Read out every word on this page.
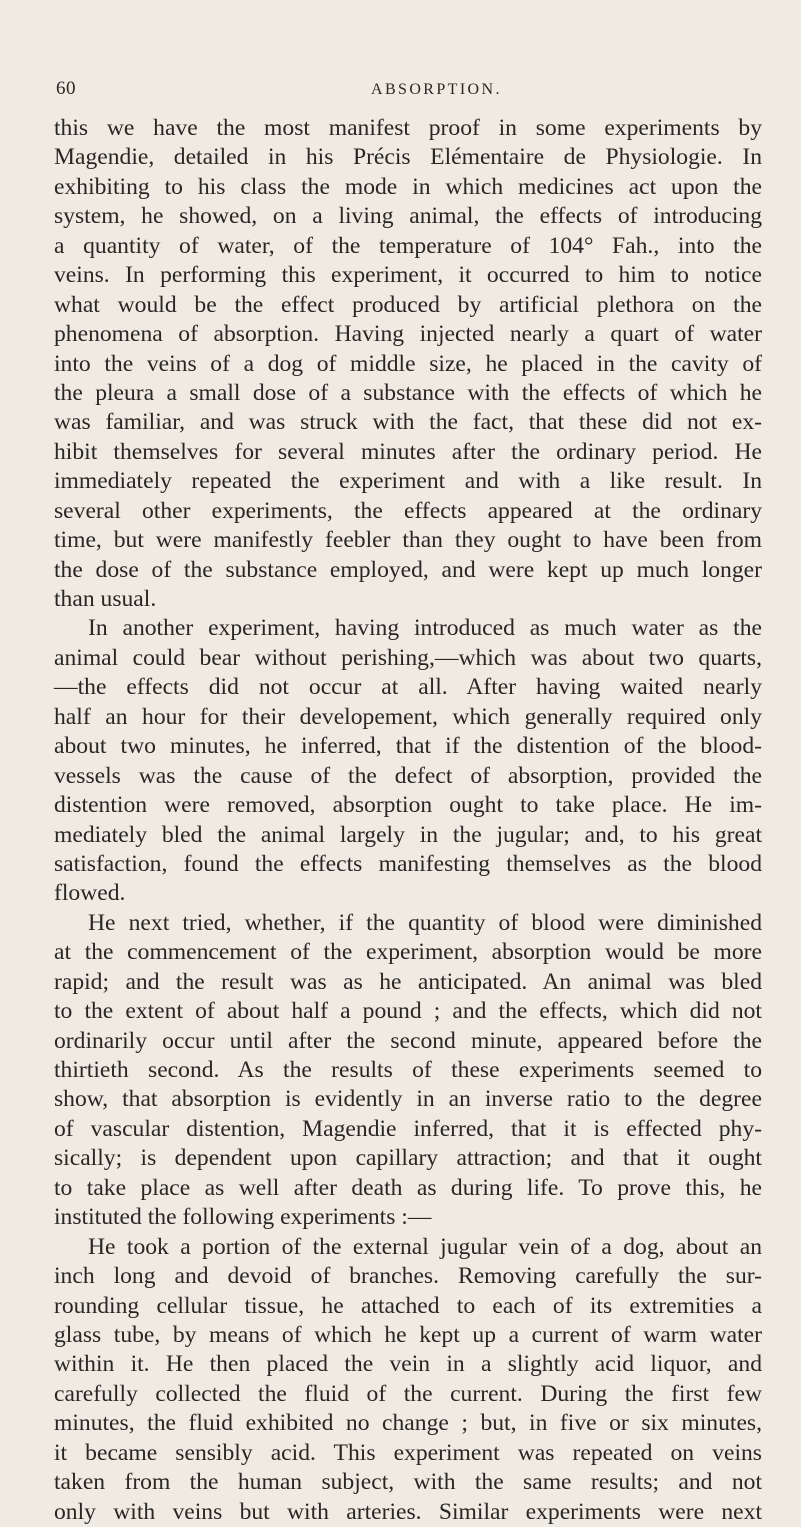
60	ABSORPTION.
this we have the most manifest proof in some experiments by
Magendie, detailed in his Précis Elémentaire de Physiologie. In
exhibiting to his class the mode in which medicines act upon the
system, he showed, on a living animal, the effects of introducing
a quantity of water, of the temperature of 104° Fah., into the
veins. In performing this experiment, it occurred to him to notice
what would be the effect produced by artificial plethora on the
phenomena of absorption. Having injected nearly a quart of water
into the veins of a dog of middle size, he placed in the cavity of
the pleura a small dose of a substance with the effects of which he
was familiar, and was struck with the fact, that these did not ex-
hibit themselves for several minutes after the ordinary period. He
immediately repeated the experiment and with a like result. In
several other experiments, the effects appeared at the ordinary
time, but were manifestly feebler than they ought to have been from
the dose of the substance employed, and were kept up much longer
than usual.
In another experiment, having introduced as much water as the
animal could bear without perishing,—which was about two quarts,
—the effects did not occur at all. After having waited nearly
half an hour for their developement, which generally required only
about two minutes, he inferred, that if the distention of the blood-
vessels was the cause of the defect of absorption, provided the
distention were removed, absorption ought to take place. He im-
mediately bled the animal largely in the jugular; and, to his great
satisfaction, found the effects manifesting themselves as the blood
flowed.
He next tried, whether, if the quantity of blood were diminished
at the commencement of the experiment, absorption would be more
rapid; and the result was as he anticipated. An animal was bled
to the extent of about half a pound ; and the effects, which did not
ordinarily occur until after the second minute, appeared before the
thirtieth second. As the results of these experiments seemed to
show, that absorption is evidently in an inverse ratio to the degree
of vascular distention, Magendie inferred, that it is effected phy-
sically; is dependent upon capillary attraction; and that it ought
to take place as well after death as during life. To prove this, he
instituted the following experiments :—
He took a portion of the external jugular vein of a dog, about an
inch long and devoid of branches. Removing carefully the sur-
rounding cellular tissue, he attached to each of its extremities a
glass tube, by means of which he kept up a current of warm water
within it. He then placed the vein in a slightly acid liquor, and
carefully collected the fluid of the current. During the first few
minutes, the fluid exhibited no change ; but, in five or six minutes,
it became sensibly acid. This experiment was repeated on veins
taken from the human subject, with the same results; and not
only with veins but with arteries. Similar experiments were next
